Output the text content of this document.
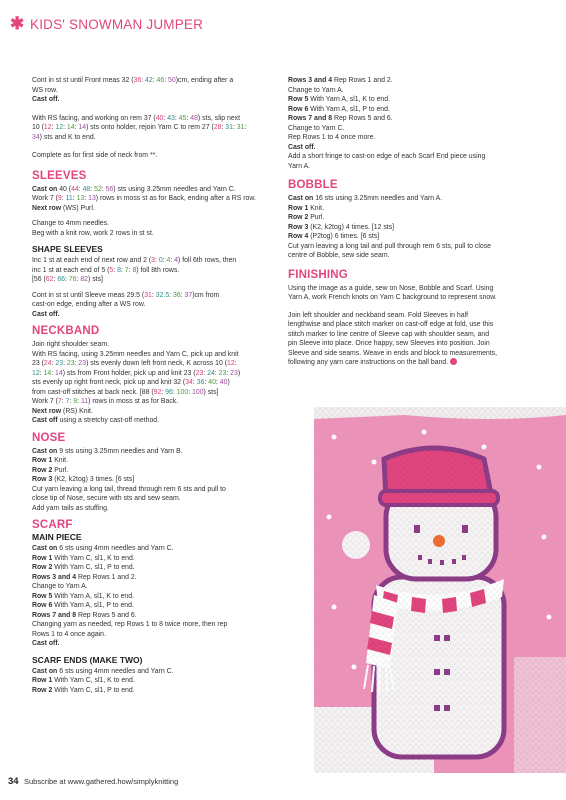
✱ KIDS' SNOWMAN JUMPER

Cont in st st until Front meas 32 (36: 42: 46: 50)cm, ending after a
WS row.
Cast off.

With RS facing, and working on rem 37 (40: 43: 45: 48) sts, slip next
10 (12: 12: 14: 14) sts onto holder, rejoin Yarn C to rem 27 (28: 31: 31:
34) sts and K to end.

Complete as for first side of neck from **.

SLEEVES

Cast on 40 (44: 48: 52: 56) sts using 3.25mm needles and Yarn C.
Work 7 (9: 11: 13: 13) rows in moss st as for Back, ending after a RS row.
Next row (WS) Purl.

Change to 4mm needles.
Beg with a knit row, work 2 rows in st st.

SHAPE SLEEVES

Inc 1 st at each end of next row and 2 (3: 0: 4: 4) foll 6th rows, then
inc 1 st at each end of 5 (5: 8: 7: 8) foll 8th rows.
[56 (62: 66: 76: 82) sts]

Cont in st st until Sleeve meas 29.5 (31: 32.5: 36: 37)cm from
cast-on edge, ending after a WS row.
Cast off.

NECKBAND

Join right shoulder seam.
With RS facing, using 3.25mm needles and Yarn C, pick up and knit
23 (24: 23: 23: 23) sts evenly down left front neck, K across 10 (12:
12: 14: 14) sts from Front holder, pick up and knit 23 (23: 24: 23: 23)
sts evenly up right front neck, pick up and knit 32 (34: 36: 40: 40)
from cast-off stitches at back neck. [88 (92: 96: 100: 100) sts]
Work 7 (7: 7: 9: 11) rows in moss st as for Back.
Next row (RS) Knit.
Cast off using a stretchy cast-off method.

NOSE

Cast on 9 sts using 3.25mm needles and Yarn B.
Row 1 Knit.
Row 2 Purl.
Row 3 (K2, k2tog) 3 times. [6 sts]
Cut yarn leaving a long tail, thread through rem 6 sts and pull to
close tip of Nose, secure with sts and sew seam.
Add yarn tails as stuffing.

SCARF
MAIN PIECE

Cast on 6 sts using 4mm needles and Yarn C.
Row 1 With Yarn C, sl1, K to end.
Row 2 With Yarn C, sl1, P to end.
Rows 3 and 4 Rep Rows 1 and 2.
Change to Yarn A.
Row 5 With Yarn A, sl1, K to end.
Row 6 With Yarn A, sl1, P to end.
Rows 7 and 8 Rep Rows 5 and 6.
Changing yarn as needed, rep Rows 1 to 8 twice more, then rep
Rows 1 to 4 once again.
Cast off.

SCARF ENDS (MAKE TWO)

Cast on 6 sts using 4mm needles and Yarn C.
Row 1 With Yarn C, sl1, K to end.
Row 2 With Yarn C, sl1, P to end.

Rows 3 and 4 Rep Rows 1 and 2.
Change to Yarn A.
Row 5 With Yarn A, sl1, K to end.
Row 6 With Yarn A, sl1, P to end.
Rows 7 and 8 Rep Rows 5 and 6.
Change to Yarn C.
Rep Rows 1 to 4 once more.
Cast off.
Add a short fringe to cast-on edge of each Scarf End piece using
Yarn A.

BOBBLE

Cast on 16 sts using 3.25mm needles and Yarn A.
Row 1 Knit.
Row 2 Purl.
Row 3 (K2, k2tog) 4 times. [12 sts]
Row 4 (P2tog) 6 times. [6 sts]
Cut yarn leaving a long tail and pull through rem 6 sts, pull to close
centre of Bobble, sew side seam.

FINISHING

Using the image as a guide, sew on Nose, Bobble and Scarf. Using
Yarn A, work French knots on Yarn C background to represent snow.

Join left shoulder and neckband seam. Fold Sleeves in half
lengthwise and place stitch marker on cast-off edge at fold, use this
stitch marker to line centre of Sleeve cap with shoulder seam, and
pin Sleeve into place. Once happy, sew Sleeves into position. Join
Sleeve and side seams. Weave in ends and block to measurements,
following any yarn care instructions on the ball band.

34 Subscribe at www.gathered.how/simplyknitting	PassionForum.ru
